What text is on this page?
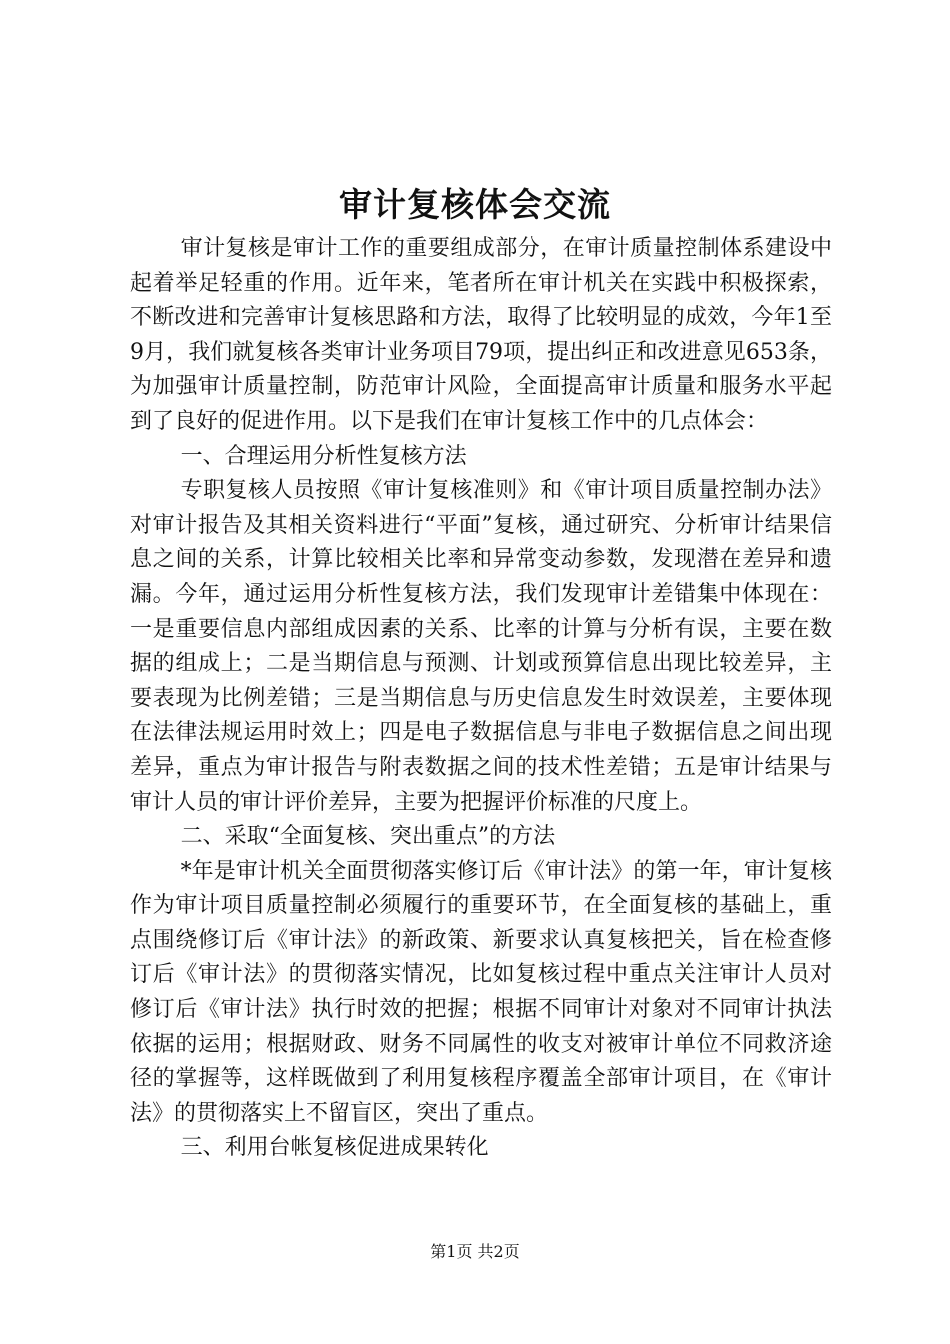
审计复核体会交流

审计复核是审计工作的重要组成部分，在审计质量控制体系建设中起着举足轻重的作用。近年来，笔者所在审计机关在实践中积极探索，不断改进和完善审计复核思路和方法，取得了比较明显的成效，今年1至9月，我们就复核各类审计业务项目79项，提出纠正和改进意见653条，为加强审计质量控制，防范审计风险，全面提高审计质量和服务水平起到了良好的促进作用。以下是我们在审计复核工作中的几点体会：

一、合理运用分析性复核方法

专职复核人员按照《审计复核准则》和《审计项目质量控制办法》对审计报告及其相关资料进行“平面”复核，通过研究、分析审计结果信息之间的关系，计算比较相关比率和异常变动参数，发现潜在差异和遗漏。今年，通过运用分析性复核方法，我们发现审计差错集中体现在：一是重要信息内部组成因素的关系、比率的计算与分析有误，主要在数据的组成上；二是当期信息与预测、计划或预算信息出现比较差异，主要表现为比例差错；三是当期信息与历史信息发生时效误差，主要体现在法律法规运用时效上；四是电子数据信息与非电子数据信息之间出现差异，重点为审计报告与附表数据之间的技术性差错；五是审计结果与审计人员的审计评价差异，主要为把握评价标准的尺度上。

二、采取“全面复核、突出重点”的方法

*年是审计机关全面贯彻落实修订后《审计法》的第一年，审计复核作为审计项目质量控制必须履行的重要环节，在全面复核的基础上，重点围绕修订后《审计法》的新政策、新要求认真复核把关，旨在检查修订后《审计法》的贯彻落实情况，比如复核过程中重点关注审计人员对修订后《审计法》执行时效的把握；根据不同审计对象对不同审计执法依据的运用；根据财政、财务不同属性的收支对被审计单位不同救济途径的掌握等，这样既做到了利用复核程序覆盖全部审计项目，在《审计法》的贯彻落实上不留盲区，突出了重点。

三、利用台帐复核促进成果转化

第1页 共2页
